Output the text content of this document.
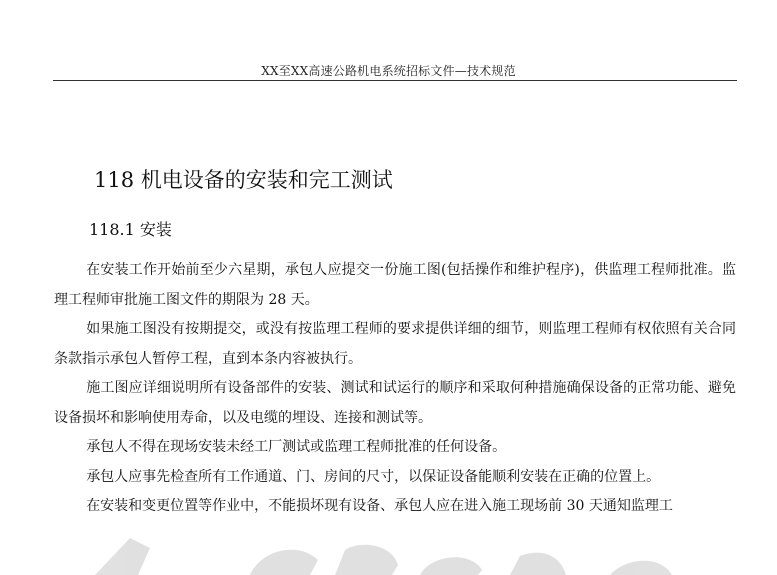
XX至XX高速公路机电系统招标文件—技术规范
118 机电设备的安装和完工测试
118.1 安装

在安装工作开始前至少六星期，承包人应提交一份施工图(包括操作和维护程序)，供监理工程师批准。监理工程师审批施工图文件的期限为 28 天。

如果施工图没有按期提交，或没有按监理工程师的要求提供详细的细节，则监理工程师有权依照有关合同条款指示承包人暂停工程，直到本条内容被执行。

施工图应详细说明所有设备部件的安装、测试和试运行的顺序和采取何种措施确保设备的正常功能、避免设备损坏和影响使用寿命，以及电缆的埋设、连接和测试等。

承包人不得在现场安装未经工厂测试或监理工程师批准的任何设备。

承包人应事先检查所有工作通道、门、房间的尺寸，以保证设备能顺利安装在正确的位置上。

在安装和变更位置等作业中，不能损坏现有设备、承包人应在进入施工现场前 30 天通知监理工
